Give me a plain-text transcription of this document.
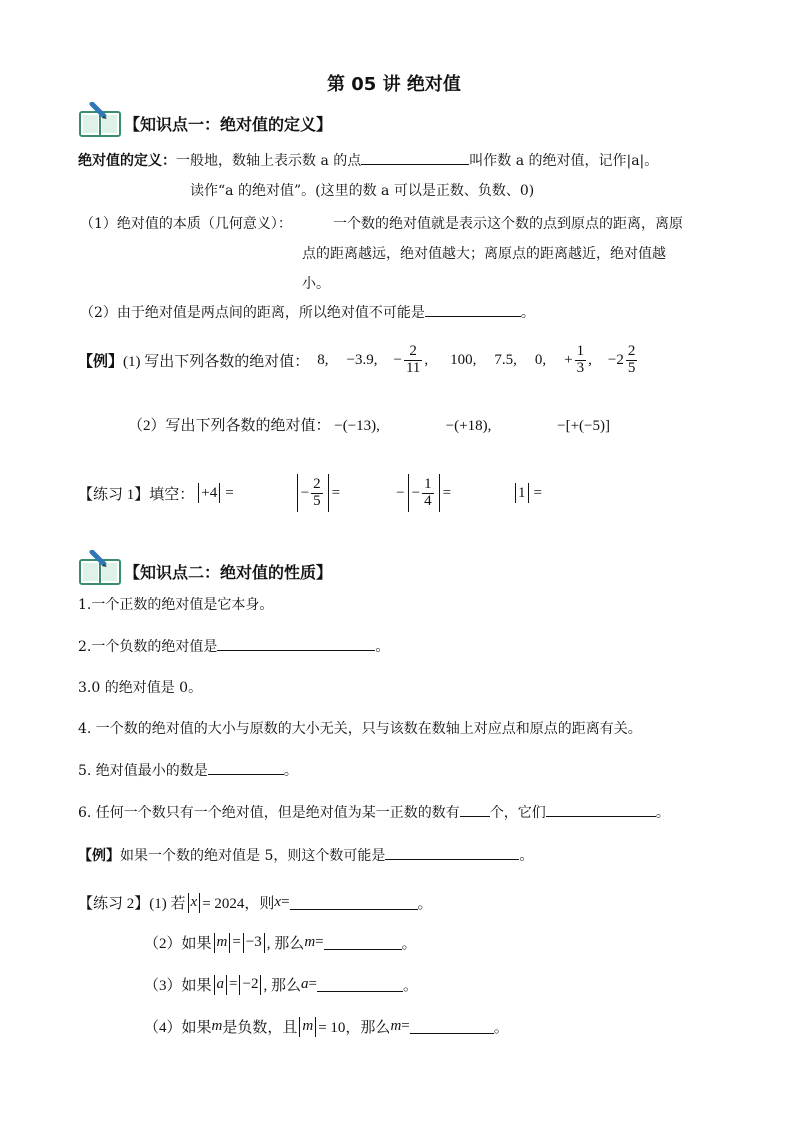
第 05 讲 绝对值
【知识点一：绝对值的定义】
绝对值的定义：一般地，数轴上表示数 a 的点	叫作数 a 的绝对值，记作|a|。
读作“a 的绝对值”。(这里的数 a 可以是正数、负数、0)
（1）绝对值的本质（几何意义）：	一个数的绝对值就是表示这个数的点到原点的距离，离原
点的距离越远，绝对值越大；离原点的距离越近，绝对值越
小。
（2）由于绝对值是两点间的距离，所以绝对值不可能是	。
【例】 (1) 写出下列各数的绝对值： 8, −3.9, − $\frac{2}{11}$ , 100, 7.5, 0, + $\frac{1}{3}$ , $-2 \frac{2}{5}$
（2）写出下列各数的绝对值： −(−13),	−(+18),	−[+(−5)]
【练习 1】填空： +4 =	− $\frac{2}{5}$ =	− − $\frac{1}{4}$ =	1 =
【知识点二：绝对值的性质】
1.一个正数的绝对值是它本身。
2.一个负数的绝对值是	。
3.0 的绝对值是 0。
4. 一个数的绝对值的大小与原数的大小无关，只与该数在数轴上对应点和原点的距离有关。
5. 绝对值最小的数是	。
6. 任何一个数只有一个绝对值，但是绝对值为某一正数的数有 个，它们	。
【例】如果一个数的绝对值是 5，则这个数可能是	。
【练习 2】 (1) 若 x = 2024，则 x =	。
（2）如果 m = −3 , 那么 m =	。
（3）如果 a = −2 , 那么 a =	。
（4）如果 m 是负数，且 m = 10，那么 m =	。
